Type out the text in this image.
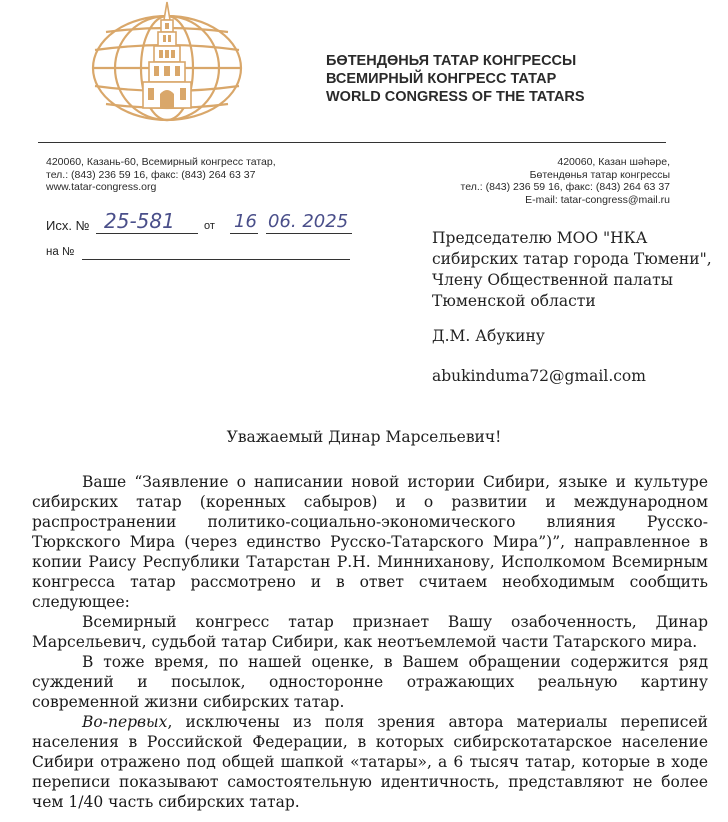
БӨТЕНДӨНЬЯ ТАТАР КОНГРЕССЫ
ВСЕМИРНЫЙ КОНГРЕСС ТАТАР
WORLD CONGRESS OF THE TATARS
420060, Казань-60, Всемирный конгресс татар,
тел.: (843) 236 59 16, факс: (843) 264 63 37
www.tatar-congress.org
420060, Казан шәһәре,
Бөтендөнья татар конгрессы
тел.: (843) 236 59 16, факс: (843) 264 63 37
E-mail: tatar-congress@mail.ru
Исх. № 25-581	от 16 06. 2025
на №
Председателю МОО "НКА
сибирских татар города Тюмени",
Члену Общественной палаты
Тюменской области
Д.М. Абукину
abukinduma72@gmail.com
Уважаемый Динар Марсельевич!
Ваше “Заявление о написании новой истории Сибири, языке и культуре сибирских татар (коренных сабыров) и о развитии и международном распространении политико-социально-экономического влияния Русско-Тюркского Мира (через единство Русско-Татарского Мира”)”, направленное в копии Раису Республики Татарстан Р.Н. Минниханову, Исполкомом Всемирным конгресса татар рассмотрено и в ответ считаем необходимым сообщить следующее:
Всемирный конгресс татар признает Вашу озабоченность, Динар Марсельевич, судьбой татар Сибири, как неотъемлемой части Татарского мира.
В тоже время, по нашей оценке, в Вашем обращении содержится ряд суждений и посылок, односторонне отражающих реальную картину современной жизни сибирских татар.
Во-первых, исключены из поля зрения автора материалы переписей населения в Российской Федерации, в которых сибирскотатарское население Сибири отражено под общей шапкой «татары», а 6 тысяч татар, которые в ходе переписи показывают самостоятельную идентичность, представляют не более чем 1/40 часть сибирских татар.
